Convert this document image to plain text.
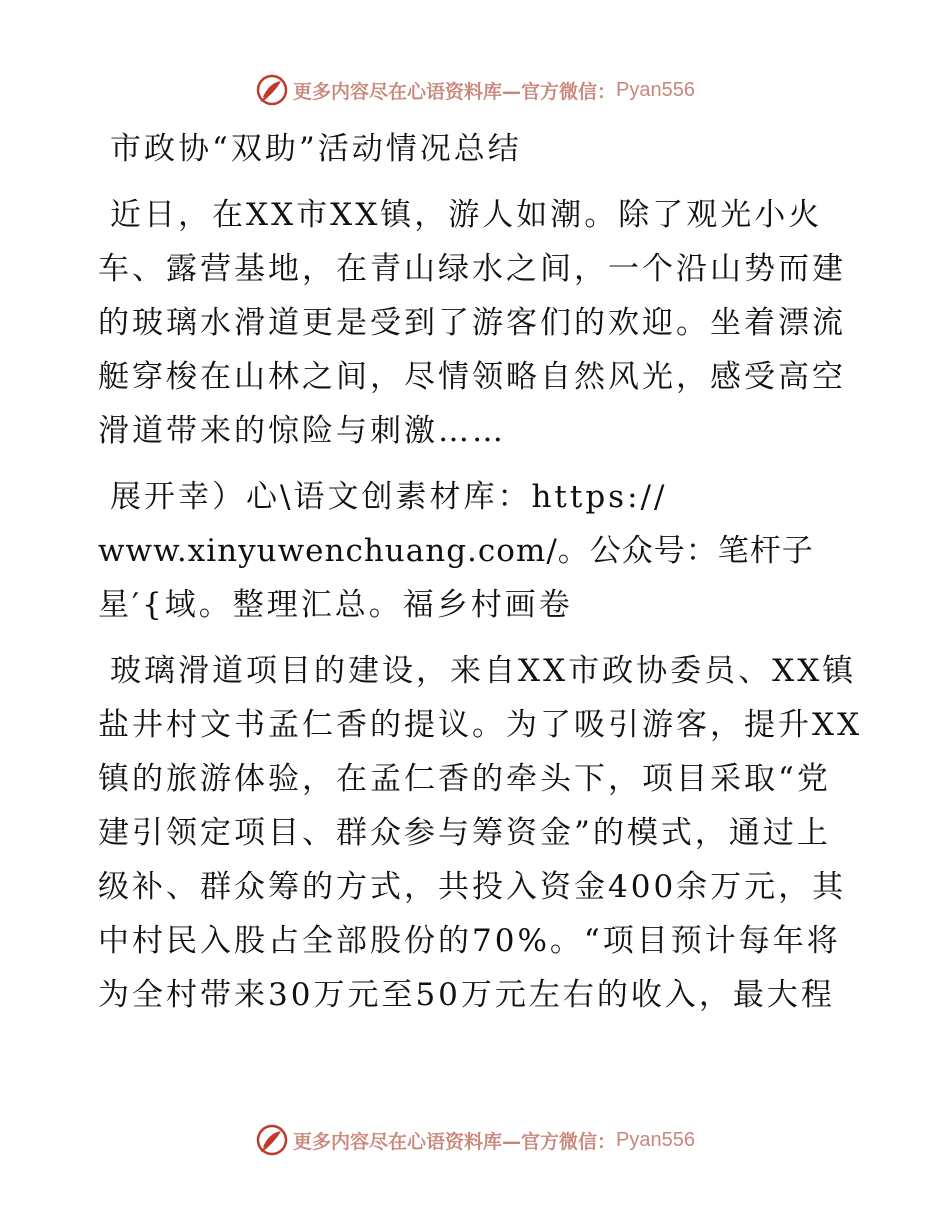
更多内容尽在心语资料库—官方微信： Pyan556
市政协“双助”活动情况总结
近日，在XX市XX镇，游人如潮。除了观光小火
车、露营基地，在青山绿水之间，一个沿山势而建
的玻璃水滑道更是受到了游客们的欢迎。坐着漂流
艇穿梭在山林之间，尽情领略自然风光，感受高空
滑道带来的惊险与刺激……
展开幸）心\语文创素材库：https://
www.xinyuwenchuang.com/。公众号：笔杆子
星′{域。整理汇总。福乡村画卷
玻璃滑道项目的建设，来自XX市政协委员、XX镇
盐井村文书孟仁香的提议。为了吸引游客，提升XX
镇的旅游体验，在孟仁香的牵头下，项目采取“党
建引领定项目、群众参与筹资金”的模式，通过上
级补、群众筹的方式，共投入资金400余万元，其
中村民入股占全部股份的70%。“项目预计每年将
为全村带来30万元至50万元左右的收入，最大程
更多内容尽在心语资料库—官方微信： Pyan556
